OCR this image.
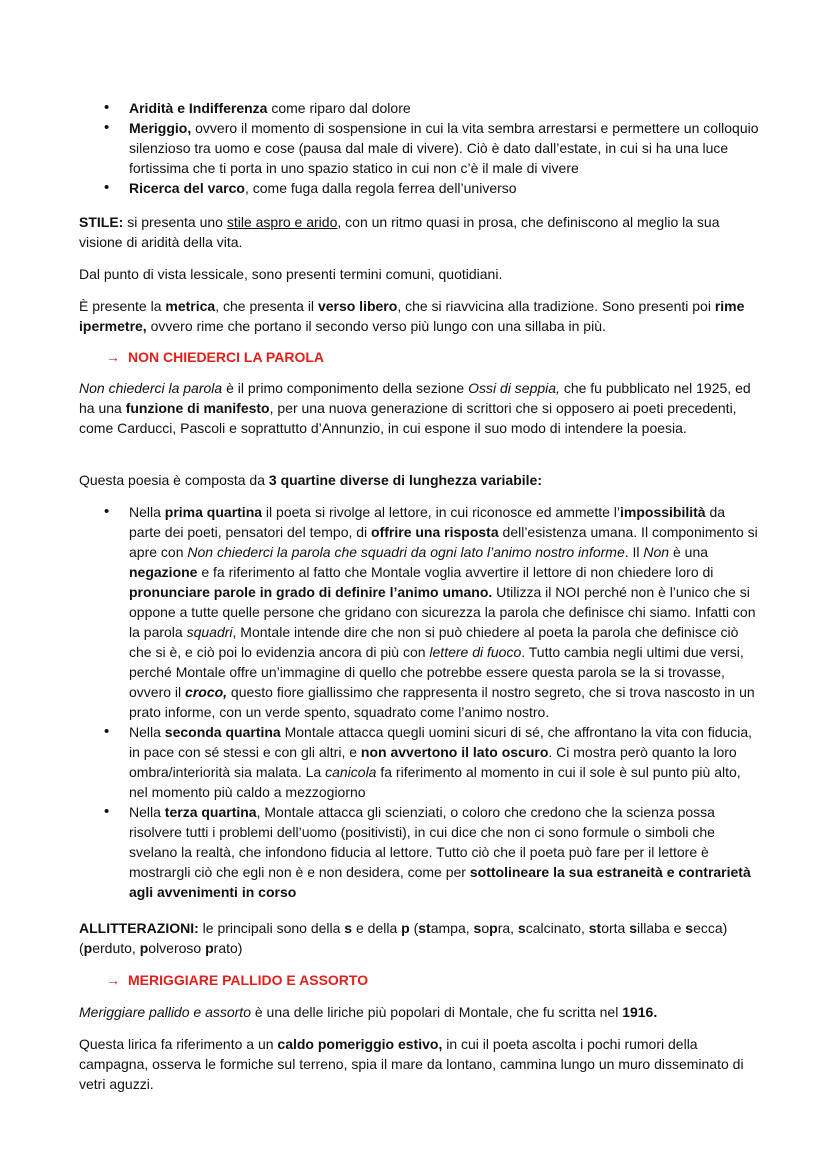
• Aridità e Indifferenza come riparo dal dolore
• Meriggio, ovvero il momento di sospensione in cui la vita sembra arrestarsi e permettere un colloquio silenzioso tra uomo e cose (pausa dal male di vivere). Ciò è dato dall’estate, in cui si ha una luce fortissima che ti porta in uno spazio statico in cui non c’è il male di vivere
• Ricerca del varco, come fuga dalla regola ferrea dell’universo

STILE: si presenta uno stile aspro e arido, con un ritmo quasi in prosa, che definiscono al meglio la sua visione di aridità della vita.

Dal punto di vista lessicale, sono presenti termini comuni, quotidiani.

È presente la metrica, che presenta il verso libero, che si riavvicina alla tradizione. Sono presenti poi rime ipermetre, ovvero rime che portano il secondo verso più lungo con una sillaba in più.

→ NON CHIEDERCI LA PAROLA

Non chiederci la parola è il primo componimento della sezione Ossi di seppia, che fu pubblicato nel 1925, ed ha una funzione di manifesto, per una nuova generazione di scrittori che si opposero ai poeti precedenti, come Carducci, Pascoli e soprattutto d’Annunzio, in cui espone il suo modo di intendere la poesia.

Questa poesia è composta da 3 quartine diverse di lunghezza variabile:

• Nella prima quartina il poeta si rivolge al lettore, in cui riconosce ed ammette l’impossibilità da parte dei poeti, pensatori del tempo, di offrire una risposta dell’esistenza umana. Il componimento si apre con Non chiederci la parola che squadri da ogni lato l’animo nostro informe. Il Non è una negazione e fa riferimento al fatto che Montale voglia avvertire il lettore di non chiedere loro di pronunciare parole in grado di definire l’animo umano. Utilizza il NOI perché non è l’unico che si oppone a tutte quelle persone che gridano con sicurezza la parola che definisce chi siamo. Infatti con la parola squadri, Montale intende dire che non si può chiedere al poeta la parola che definisce ciò che si è, e ciò poi lo evidenzia ancora di più con lettere di fuoco. Tutto cambia negli ultimi due versi, perché Montale offre un’immagine di quello che potrebbe essere questa parola se la si trovasse, ovvero il croco, questo fiore giallissimo che rappresenta il nostro segreto, che si trova nascosto in un prato informe, con un verde spento, squadrato come l’animo nostro.
• Nella seconda quartina Montale attacca quegli uomini sicuri di sé, che affrontano la vita con fiducia, in pace con sé stessi e con gli altri, e non avvertono il lato oscuro. Ci mostra però quanto la loro ombra/interiorità sia malata. La canicola fa riferimento al momento in cui il sole è sul punto più alto, nel momento più caldo a mezzogiorno
• Nella terza quartina, Montale attacca gli scienziati, o coloro che credono che la scienza possa risolvere tutti i problemi dell’uomo (positivisti), in cui dice che non ci sono formule o simboli che svelano la realtà, che infondono fiducia al lettore. Tutto ciò che il poeta può fare per il lettore è mostrargli ciò che egli non è e non desidera, come per sottolineare la sua estraneità e contrarietà agli avvenimenti in corso

ALLITTERAZIONI: le principali sono della s e della p (stampa, sopra, scalcinato, storta sillaba e secca) (perduto, polveroso prato)

→ MERIGGIARE PALLIDO E ASSORTO

Meriggiare pallido e assorto è una delle liriche più popolari di Montale, che fu scritta nel 1916.

Questa lirica fa riferimento a un caldo pomeriggio estivo, in cui il poeta ascolta i pochi rumori della campagna, osserva le formiche sul terreno, spia il mare da lontano, cammina lungo un muro disseminato di vetri aguzzi.
